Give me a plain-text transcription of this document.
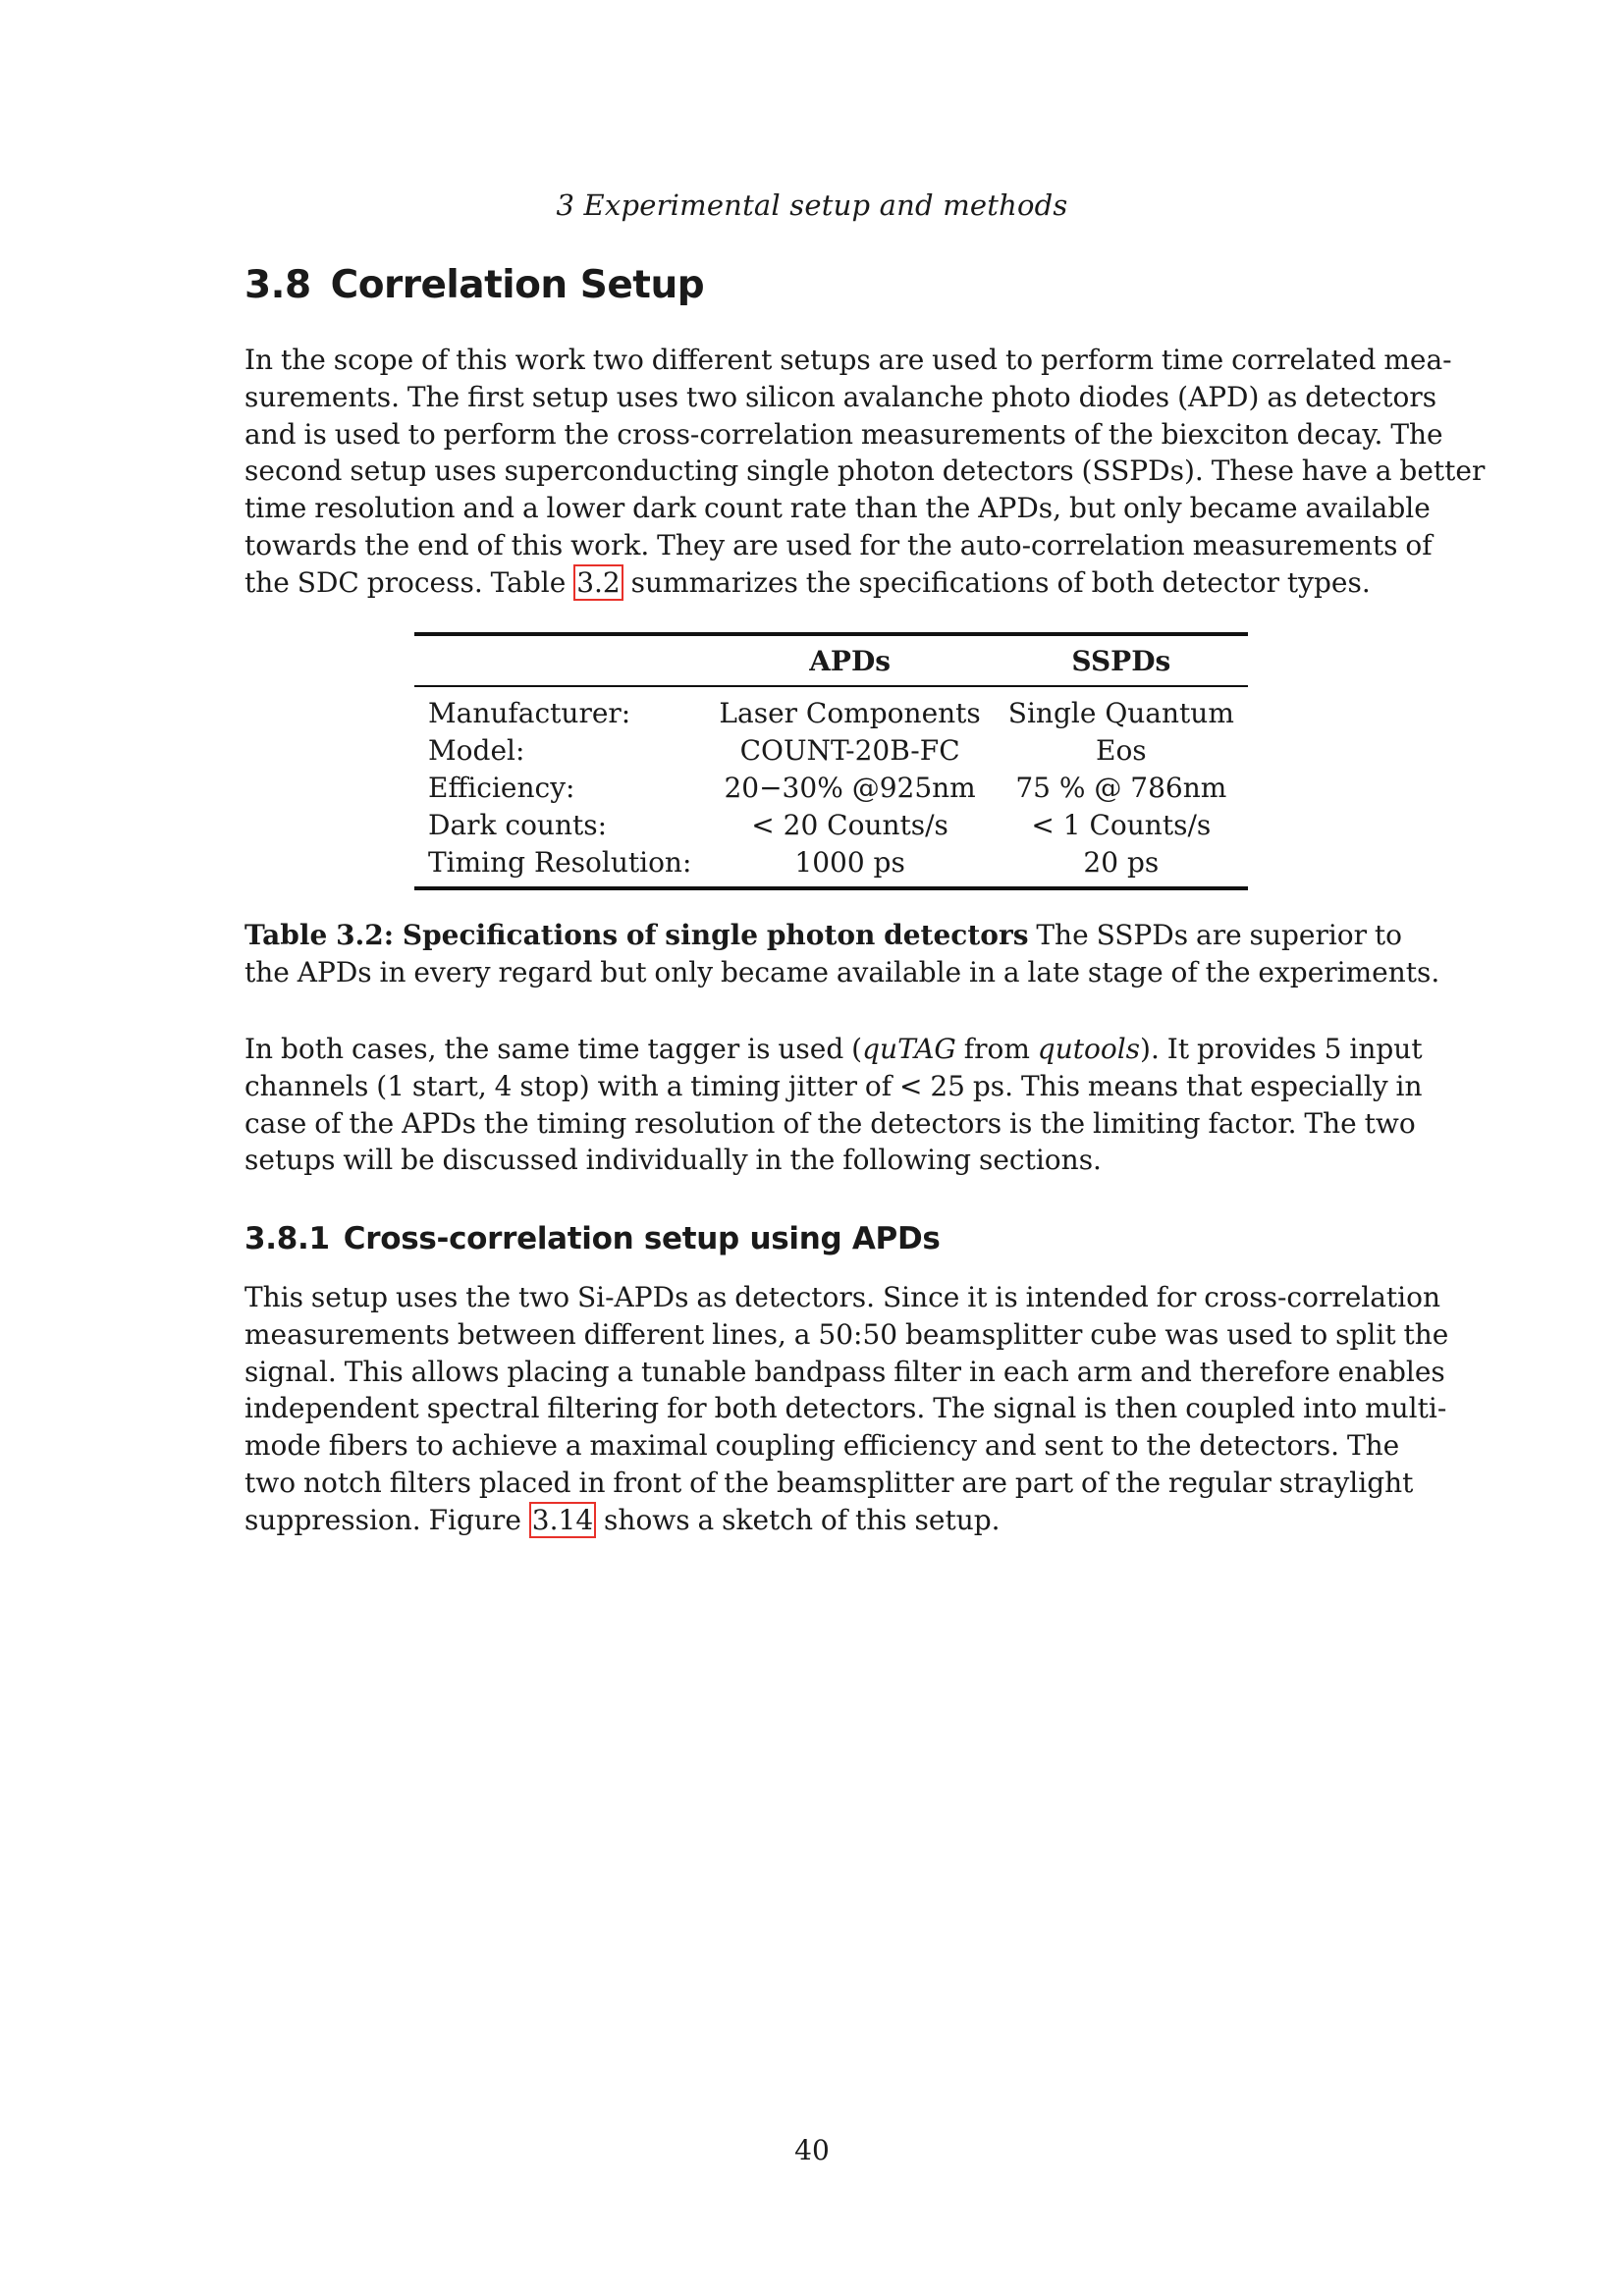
3 Experimental setup and methods
3.8 Correlation Setup

In the scope of this work two different setups are used to perform time correlated mea-
surements. The first setup uses two silicon avalanche photo diodes (APD) as detectors
and is used to perform the cross-correlation measurements of the biexciton decay. The
second setup uses superconducting single photon detectors (SSPDs). These have a better
time resolution and a lower dark count rate than the APDs, but only became available
towards the end of this work. They are used for the auto-correlation measurements of
the SDC process. Table 3.2 summarizes the specifications of both detector types.

	APDs	SSPDs
Manufacturer:	Laser Components	Single Quantum
Model:	COUNT-20B-FC	Eos
Efficiency:	20−30% @925nm	75 % @ 786nm
Dark counts:	< 20 Counts/s	< 1 Counts/s
Timing Resolution:	1000 ps	20 ps

Table 3.2: Specifications of single photon detectors The SSPDs are superior to
the APDs in every regard but only became available in a late stage of the experiments.

In both cases, the same time tagger is used (quTAG from qutools). It provides 5 input
channels (1 start, 4 stop) with a timing jitter of < 25 ps. This means that especially in
case of the APDs the timing resolution of the detectors is the limiting factor. The two
setups will be discussed individually in the following sections.

3.8.1 Cross-correlation setup using APDs

This setup uses the two Si-APDs as detectors. Since it is intended for cross-correlation
measurements between different lines, a 50:50 beamsplitter cube was used to split the
signal. This allows placing a tunable bandpass filter in each arm and therefore enables
independent spectral filtering for both detectors. The signal is then coupled into multi-
mode fibers to achieve a maximal coupling efficiency and sent to the detectors. The
two notch filters placed in front of the beamsplitter are part of the regular straylight
suppression. Figure 3.14 shows a sketch of this setup.

40
